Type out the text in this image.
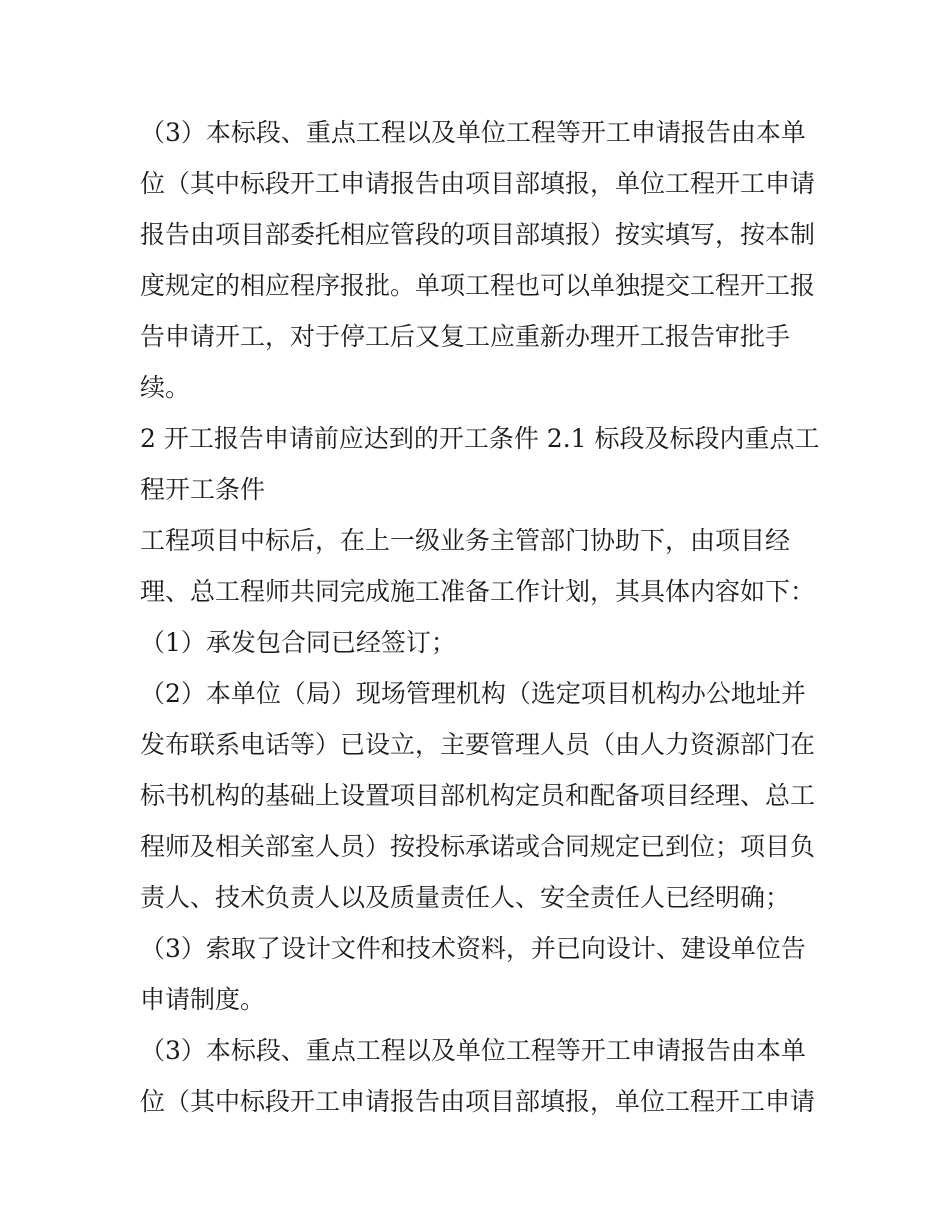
（3）本标段、重点工程以及单位工程等开工申请报告由本单
位（其中标段开工申请报告由项目部填报，单位工程开工申请
报告由项目部委托相应管段的项目部填报）按实填写，按本制
度规定的相应程序报批。单项工程也可以单独提交工程开工报
告申请开工，对于停工后又复工应重新办理开工报告审批手
续。
2 开工报告申请前应达到的开工条件 2.1 标段及标段内重点工
程开工条件
工程项目中标后，在上一级业务主管部门协助下，由项目经
理、总工程师共同完成施工准备工作计划，其具体内容如下：
（1）承发包合同已经签订；
（2）本单位（局）现场管理机构（选定项目机构办公地址并
发布联系电话等）已设立，主要管理人员（由人力资源部门在
标书机构的基础上设置项目部机构定员和配备项目经理、总工
程师及相关部室人员）按投标承诺或合同规定已到位；项目负
责人、技术负责人以及质量责任人、安全责任人已经明确；
（3）索取了设计文件和技术资料，并已向设计、建设单位告
申请制度。
（3）本标段、重点工程以及单位工程等开工申请报告由本单
位（其中标段开工申请报告由项目部填报，单位工程开工申请
